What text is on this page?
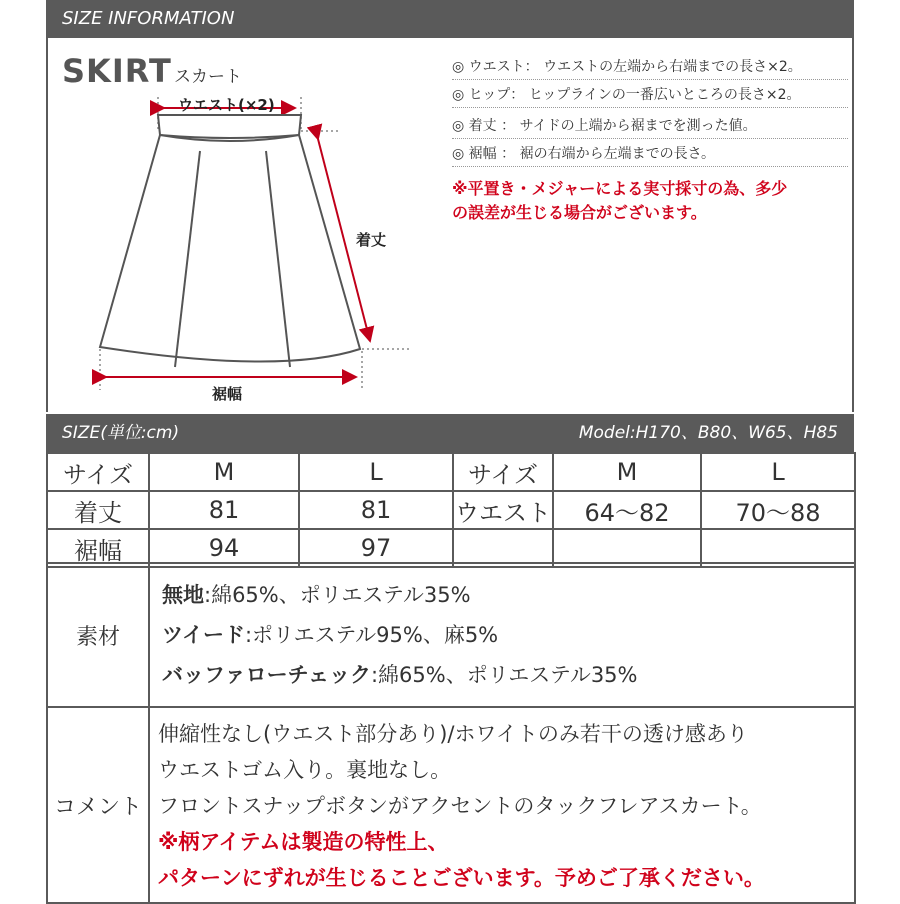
SIZE INFORMATION
SKIRT スカート
ウエスト(×2)
着丈
裾幅
◎ ウエスト： ウエストの左端から右端までの長さ×2。
◎ ヒップ： ヒップラインの一番広いところの長さ×2。
◎ 着丈 ： サイドの上端から裾までを測った値。
◎ 裾幅 ： 裾の右端から左端までの長さ。
※平置き・メジャーによる実寸採寸の為、多少
の誤差が生じる場合がございます。
SIZE(単位:cm)	Model:H170、B80、W65、H85
サイズ	M	L	サイズ	M	L
着丈	81	81	ウエスト	64〜82	70〜88
裾幅	94	97			
素材	無地:綿65%、ポリエステル35%
ツイード:ポリエステル95%、麻5%
バッファローチェック:綿65%、ポリエステル35%

コメント	伸縮性なし(ウエスト部分あり)/ホワイトのみ若干の透け感あり
ウエストゴム入り。裏地なし。
フロントスナップボタンがアクセントのタックフレアスカート。
※柄アイテムは製造の特性上、
パターンにずれが生じることございます。予めご了承ください。
